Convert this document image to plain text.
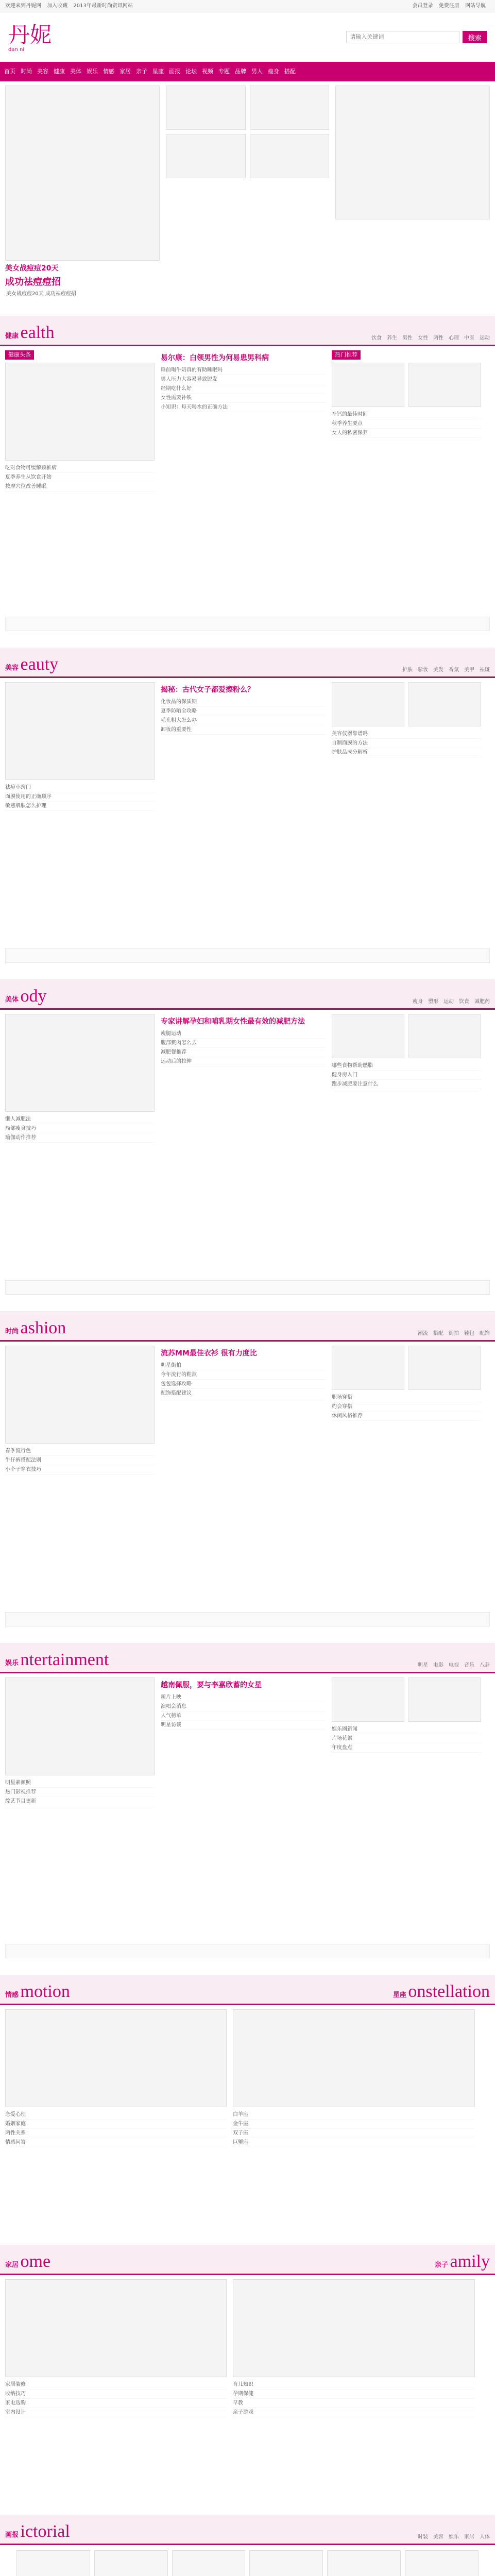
欢迎来到丹妮网 加入收藏 2013年最新时尚资讯网站	会员登录 免费注册 网站导航
丹妮
dan ni
请输入关键词
搜索
首页 时尚 美容 健康 美体 娱乐 情感 家居 亲子 星座 画报 论坛 视频 专题 品牌 男人 瘦身 搭配
美女战痘痘20天
成功祛痘痘招
美女战痘痘20天 成功祛痘痘招
健康 ealth	饮食 养生 男性 女性 两性 心理 中医 运动
健康头条
吃对食物可缓解颈椎病
夏季养生从饮食开始
按摩穴位改善睡眠
易尔康：白领男性为何易患男科病
睡前喝牛奶真的有助睡眠吗
男人压力大容易导致脱发
经期吃什么好
女性需要补铁
小知识：每天喝水的正确方法
热门推荐
补钙的最佳时间
秋季养生要点
女人的私密保养
美容 eauty	护肤 彩妆 美发 香氛 美甲 祛斑
祛痘小窍门
面膜使用的正确顺序
敏感肌肤怎么护理
揭秘：古代女子都爱擦粉么？
化妆品的保质期
夏季防晒全攻略
毛孔粗大怎么办
卸妆的重要性
美容仪器靠谱吗
自制面膜的方法
护肤品成分解析
美体 ody	瘦身 塑形 运动 饮食 减肥药
懒人减肥法
局部瘦身技巧
瑜伽动作推荐
专家讲解孕妇和哺乳期女性最有效的减肥方法
瘦腿运动
腹部赘肉怎么去
减肥餐推荐
运动后的拉伸
哪些食物帮助燃脂
健身房入门
跑步减肥要注意什么
时尚 ashion	潮流 搭配 街拍 鞋包 配饰
春季流行色
牛仔裤搭配法则
小个子穿衣技巧
流苏MM最佳衣衫 很有力度比
明星街拍
今年流行的鞋款
包包选择攻略
配饰搭配建议
职场穿搭
约会穿搭
休闲风格推荐
娱乐 ntertainment	明星 电影 电视 音乐 八卦
明星素颜照
热门影视推荐
综艺节目更新
越南佩服，要与李嘉欣蓄的女星
新片上映
演唱会消息
人气榜单
明星访谈
娱乐圈新闻
片场花絮
年度盘点
情感 motion	星座 onstellation
恋爱心理
婚姻家庭
两性关系
情感问答
白羊座
金牛座
双子座
巨蟹座
家居 ome	亲子 amily
家居装修
收纳技巧
家电选购
室内设计
育儿知识
孕期保健
早教
亲子游戏
画报 ictorial	时装 美容 娱乐 家居 人体
